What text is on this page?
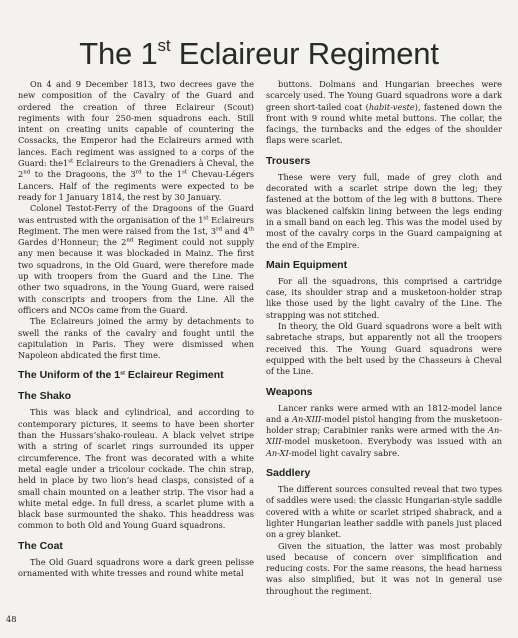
The 1st Eclaireur Regiment

On 4 and 9 December 1813, two decrees gave the new composition of the Cavalry of the Guard and ordered the creation of three Eclaireur (Scout) regiments with four 250-men squadrons each. Still intent on creating units capable of countering the Cossacks, the Emperor had the Eclaireurs armed with lances. Each regiment was assigned to a corps of the Guard: the1st Eclaireurs to the Grenadiers à Cheval, the 2nd to the Dragoons, the 3rd to the 1st Chevau-Légers Lancers. Half of the regiments were expected to be ready for 1 January 1814, the rest by 30 January.

Colonel Testot-Ferry of the Dragoons of the Guard was entrusted with the organisation of the 1st Eclaireurs Regiment. The men were raised from the 1st, 3rd and 4th Gardes d’Honneur; the 2nd Regiment could not supply any men because it was blockaded in Mainz. The first two squadrons, in the Old Guard, were therefore made up with troopers from the Guard and the Line. The other two squadrons, in the Young Guard, were raised with conscripts and troopers from the Line. All the officers and NCOs came from the Guard.

The Eclaireurs joined the army by detachments to swell the ranks of the cavalry and fought until the capitulation in Paris. They were dismissed when Napoleon abdicated the first time.

The Uniform of the 1st Eclaireur Regiment
The Shako

This was black and cylindrical, and according to contemporary pictures, it seems to have been shorter than the Hussars’shako-rouleau. A black velvet stripe with a string of scarlet rings surrounded its upper circumference. The front was decorated with a white metal eagle under a tricolour cockade. The chin strap, held in place by two lion’s head clasps, consisted of a small chain mounted on a leather strip. The visor had a white metal edge. In full dress, a scarlet plume with a black base surmounted the shako. This headdress was common to both Old and Young Guard squadrons.

The Coat

The Old Guard squadrons wore a dark green pelisse ornamented with white tresses and round white metal

buttons. Dolmans and Hungarian breeches were scarcely used. The Young Guard squadrons wore a dark green short-tailed coat (habit-veste), fastened down the front with 9 round white metal buttons. The collar, the facings, the turnbacks and the edges of the shoulder flaps were scarlet.

Trousers

These were very full, made of grey cloth and decorated with a scarlet stripe down the leg; they fastened at the bottom of the leg with 8 buttons. There was blackened calfskin lining between the legs ending in a small band on each leg. This was the model used by most of the cavalry corps in the Guard campaigning at the end of the Empire.

Main Equipment

For all the squadrons, this comprised a cartridge case, its shoulder strap and a musketoon-holder strap like those used by the light cavalry of the Line. The strapping was not stitched.

In theory, the Old Guard squadrons wore a belt with sabretache straps, but apparently not all the troopers received this. The Young Guard squadrons were equipped with the belt used by the Chasseurs à Cheval of the Line.

Weapons

Lancer ranks were armed with an 1812-model lance and a An-XIII-model pistol hanging from the musketoon-holder strap; Carabinier ranks were armed with the An-XIII-model musketoon. Everybody was issued with an An-XI-model light cavalry sabre.

Saddlery

The different sources consulted reveal that two types of saddles were used: the classic Hungarian-style saddle covered with a white or scarlet striped shabrack, and a lighter Hungarian leather saddle with panels just placed on a grey blanket.

Given the situation, the latter was most probably used because of concern over simplification and reducing costs. For the same reasons, the head harness was also simplified, but it was not in general use throughout the regiment.

48
